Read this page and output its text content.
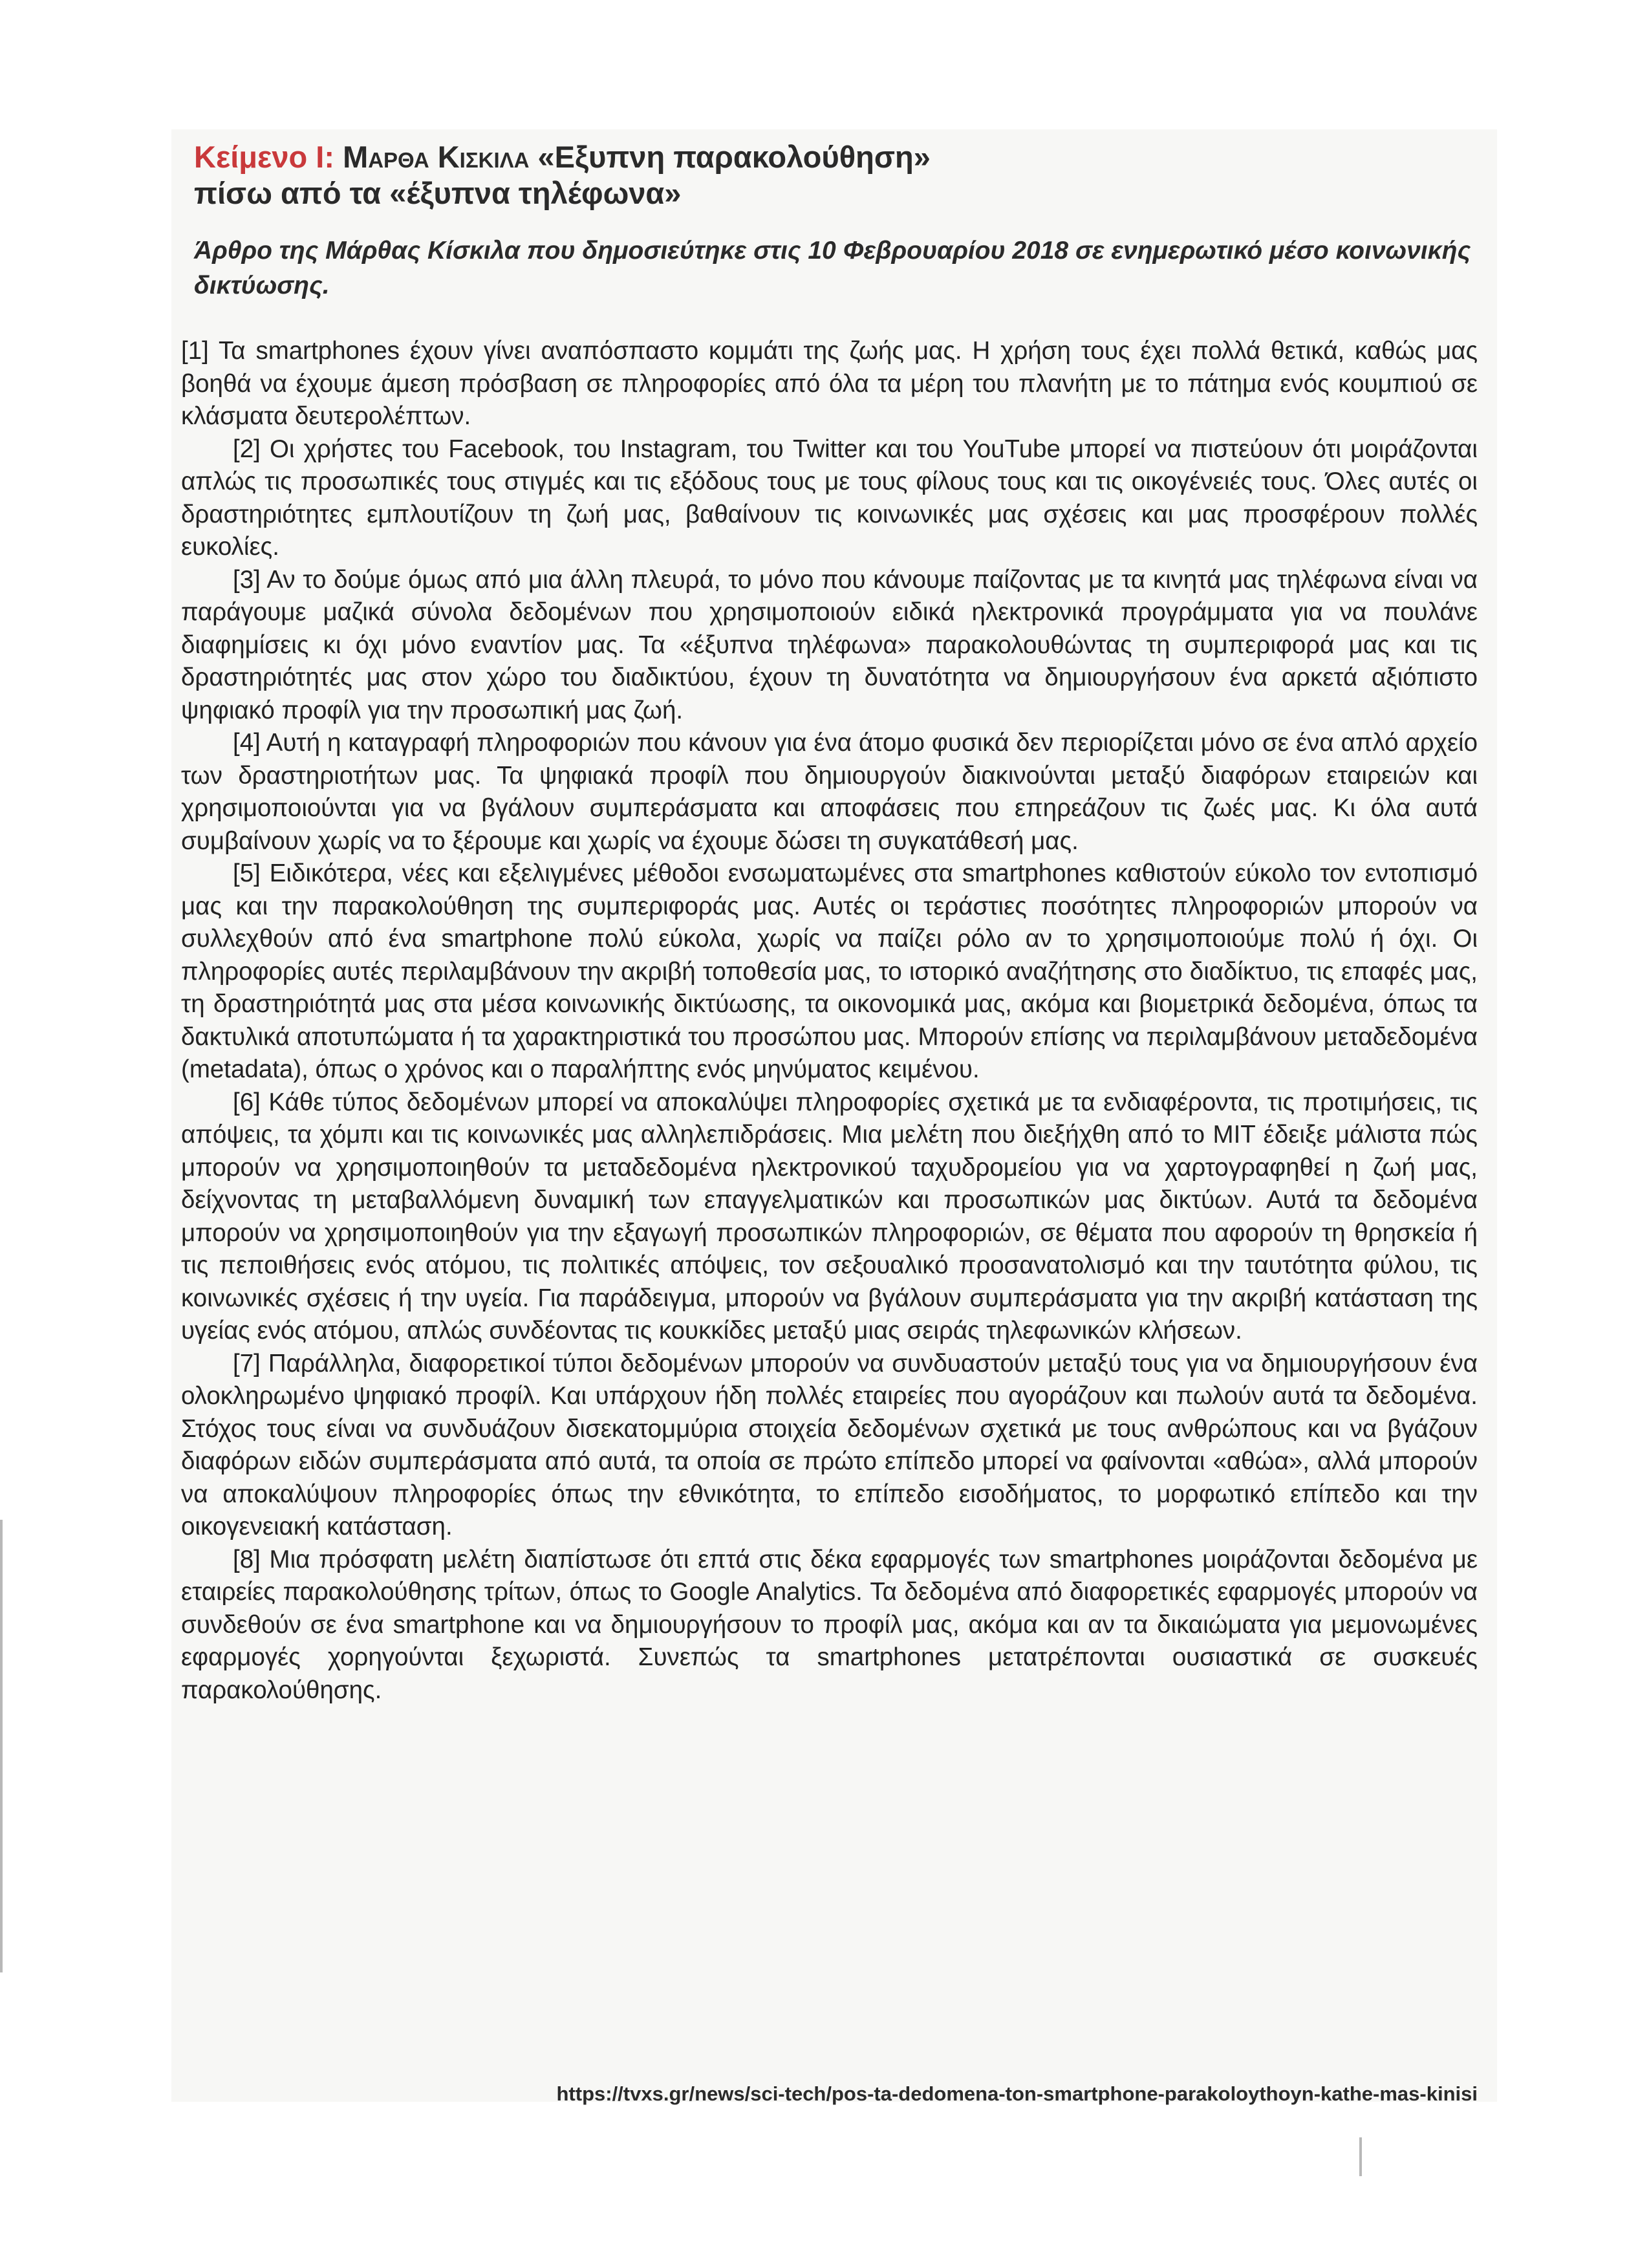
Κείμενο Ι: Μαρθα Κισκιλα «Εξυπνη παρακολούθηση»

πίσω από τα «έξυπνα τηλέφωνα»

Άρθρο της Μάρθας Κίσκιλα που δημοσιεύτηκε στις 10 Φεβρουαρίου 2018 σε ενημερωτικό μέσο κοινωνικής δικτύωσης.

[1] Τα smartphones έχουν γίνει αναπόσπαστο κομμάτι της ζωής μας. Η χρήση τους έχει πολλά θετικά, καθώς μας βοηθά να έχουμε άμεση πρόσβαση σε πληροφορίες από όλα τα μέρη του πλανήτη με το πάτημα ενός κουμπιού σε κλάσματα δευτερολέπτων.

[2] Οι χρήστες του Facebook, του Instagram, του Twitter και του YouTube μπορεί να πιστεύουν ότι μοιράζονται απλώς τις προσωπικές τους στιγμές και τις εξόδους τους με τους φίλους τους και τις οικογένειές τους. Όλες αυτές οι δραστηριότητες εμπλουτίζουν τη ζωή μας, βαθαίνουν τις κοινωνικές μας σχέσεις και μας προσφέρουν πολλές ευκολίες.

[3] Αν το δούμε όμως από μια άλλη πλευρά, το μόνο που κάνουμε παίζοντας με τα κινητά μας τηλέφωνα είναι να παράγουμε μαζικά σύνολα δεδομένων που χρησιμοποιούν ειδικά ηλεκτρονικά προγράμματα για να πουλάνε διαφημίσεις κι όχι μόνο εναντίον μας. Τα «έξυπνα τηλέφωνα» παρακολουθώντας τη συμπεριφορά μας και τις δραστηριότητές μας στον χώρο του διαδικτύου, έχουν τη δυνατότητα να δημιουργήσουν ένα αρκετά αξιόπιστο ψηφιακό προφίλ για την προσωπική μας ζωή.

[4] Αυτή η καταγραφή πληροφοριών που κάνουν για ένα άτομο φυσικά δεν περιορίζεται μόνο σε ένα απλό αρχείο των δραστηριοτήτων μας. Τα ψηφιακά προφίλ που δημιουργούν διακινούνται μεταξύ διαφόρων εταιρειών και χρησιμοποιούνται για να βγάλουν συμπεράσματα και αποφάσεις που επηρεάζουν τις ζωές μας. Κι όλα αυτά συμβαίνουν χωρίς να το ξέρουμε και χωρίς να έχουμε δώσει τη συγκατάθεσή μας.

[5] Ειδικότερα, νέες και εξελιγμένες μέθοδοι ενσωματωμένες στα smartphones καθιστούν εύκολο τον εντοπισμό μας και την παρακολούθηση της συμπεριφοράς μας. Αυτές οι τεράστιες ποσότητες πληροφοριών μπορούν να συλλεχθούν από ένα smartphone πολύ εύκολα, χωρίς να παίζει ρόλο αν το χρησιμοποιούμε πολύ ή όχι. Οι πληροφορίες αυτές περιλαμβάνουν την ακριβή τοποθεσία μας, το ιστορικό αναζήτησης στο διαδίκτυο, τις επαφές μας, τη δραστηριότητά μας στα μέσα κοινωνικής δικτύωσης, τα οικονομικά μας, ακόμα και βιομετρικά δεδομένα, όπως τα δακτυλικά αποτυπώματα ή τα χαρακτηριστικά του προσώπου μας. Μπορούν επίσης να περιλαμβάνουν μεταδεδομένα (metadata), όπως ο χρόνος και ο παραλήπτης ενός μηνύματος κειμένου.

[6] Κάθε τύπος δεδομένων μπορεί να αποκαλύψει πληροφορίες σχετικά με τα ενδιαφέροντα, τις προτιμήσεις, τις απόψεις, τα χόμπι και τις κοινωνικές μας αλληλεπιδράσεις. Μια μελέτη που διεξήχθη από το MIT έδειξε μάλιστα πώς μπορούν να χρησιμοποιηθούν τα μεταδεδομένα ηλεκτρονικού ταχυδρομείου για να χαρτογραφηθεί η ζωή μας, δείχνοντας τη μεταβαλλόμενη δυναμική των επαγγελματικών και προσωπικών μας δικτύων. Αυτά τα δεδομένα μπορούν να χρησιμοποιηθούν για την εξαγωγή προσωπικών πληροφοριών, σε θέματα που αφορούν τη θρησκεία ή τις πεποιθήσεις ενός ατόμου, τις πολιτικές απόψεις, τον σεξουαλικό προσανατολισμό και την ταυτότητα φύλου, τις κοινωνικές σχέσεις ή την υγεία. Για παράδειγμα, μπορούν να βγάλουν συμπεράσματα για την ακριβή κατάσταση της υγείας ενός ατόμου, απλώς συνδέοντας τις κουκκίδες μεταξύ μιας σειράς τηλεφωνικών κλήσεων.

[7] Παράλληλα, διαφορετικοί τύποι δεδομένων μπορούν να συνδυαστούν μεταξύ τους για να δημιουργήσουν ένα ολοκληρωμένο ψηφιακό προφίλ. Και υπάρχουν ήδη πολλές εταιρείες που αγοράζουν και πωλούν αυτά τα δεδομένα. Στόχος τους είναι να συνδυάζουν δισεκατομμύρια στοιχεία δεδομένων σχετικά με τους ανθρώπους και να βγάζουν διαφόρων ειδών συμπεράσματα από αυτά, τα οποία σε πρώτο επίπεδο μπορεί να φαίνονται «αθώα», αλλά μπορούν να αποκαλύψουν πληροφορίες όπως την εθνικότητα, το επίπεδο εισοδήματος, το μορφωτικό επίπεδο και την οικογενειακή κατάσταση.

[8] Μια πρόσφατη μελέτη διαπίστωσε ότι επτά στις δέκα εφαρμογές των smartphones μοιράζονται δεδομένα με εταιρείες παρακολούθησης τρίτων, όπως το Google Analytics. Τα δεδομένα από διαφορετικές εφαρμογές μπορούν να συνδεθούν σε ένα smartphone και να δημιουργήσουν το προφίλ μας, ακόμα και αν τα δικαιώματα για μεμονωμένες εφαρμογές χορηγούνται ξεχωριστά. Συνεπώς τα smartphones μετατρέπονται ουσιαστικά σε συσκευές παρακολούθησης.

https://tvxs.gr/news/sci-tech/pos-ta-dedomena-ton-smartphone-parakoloythoyn-kathe-mas-kinisi
